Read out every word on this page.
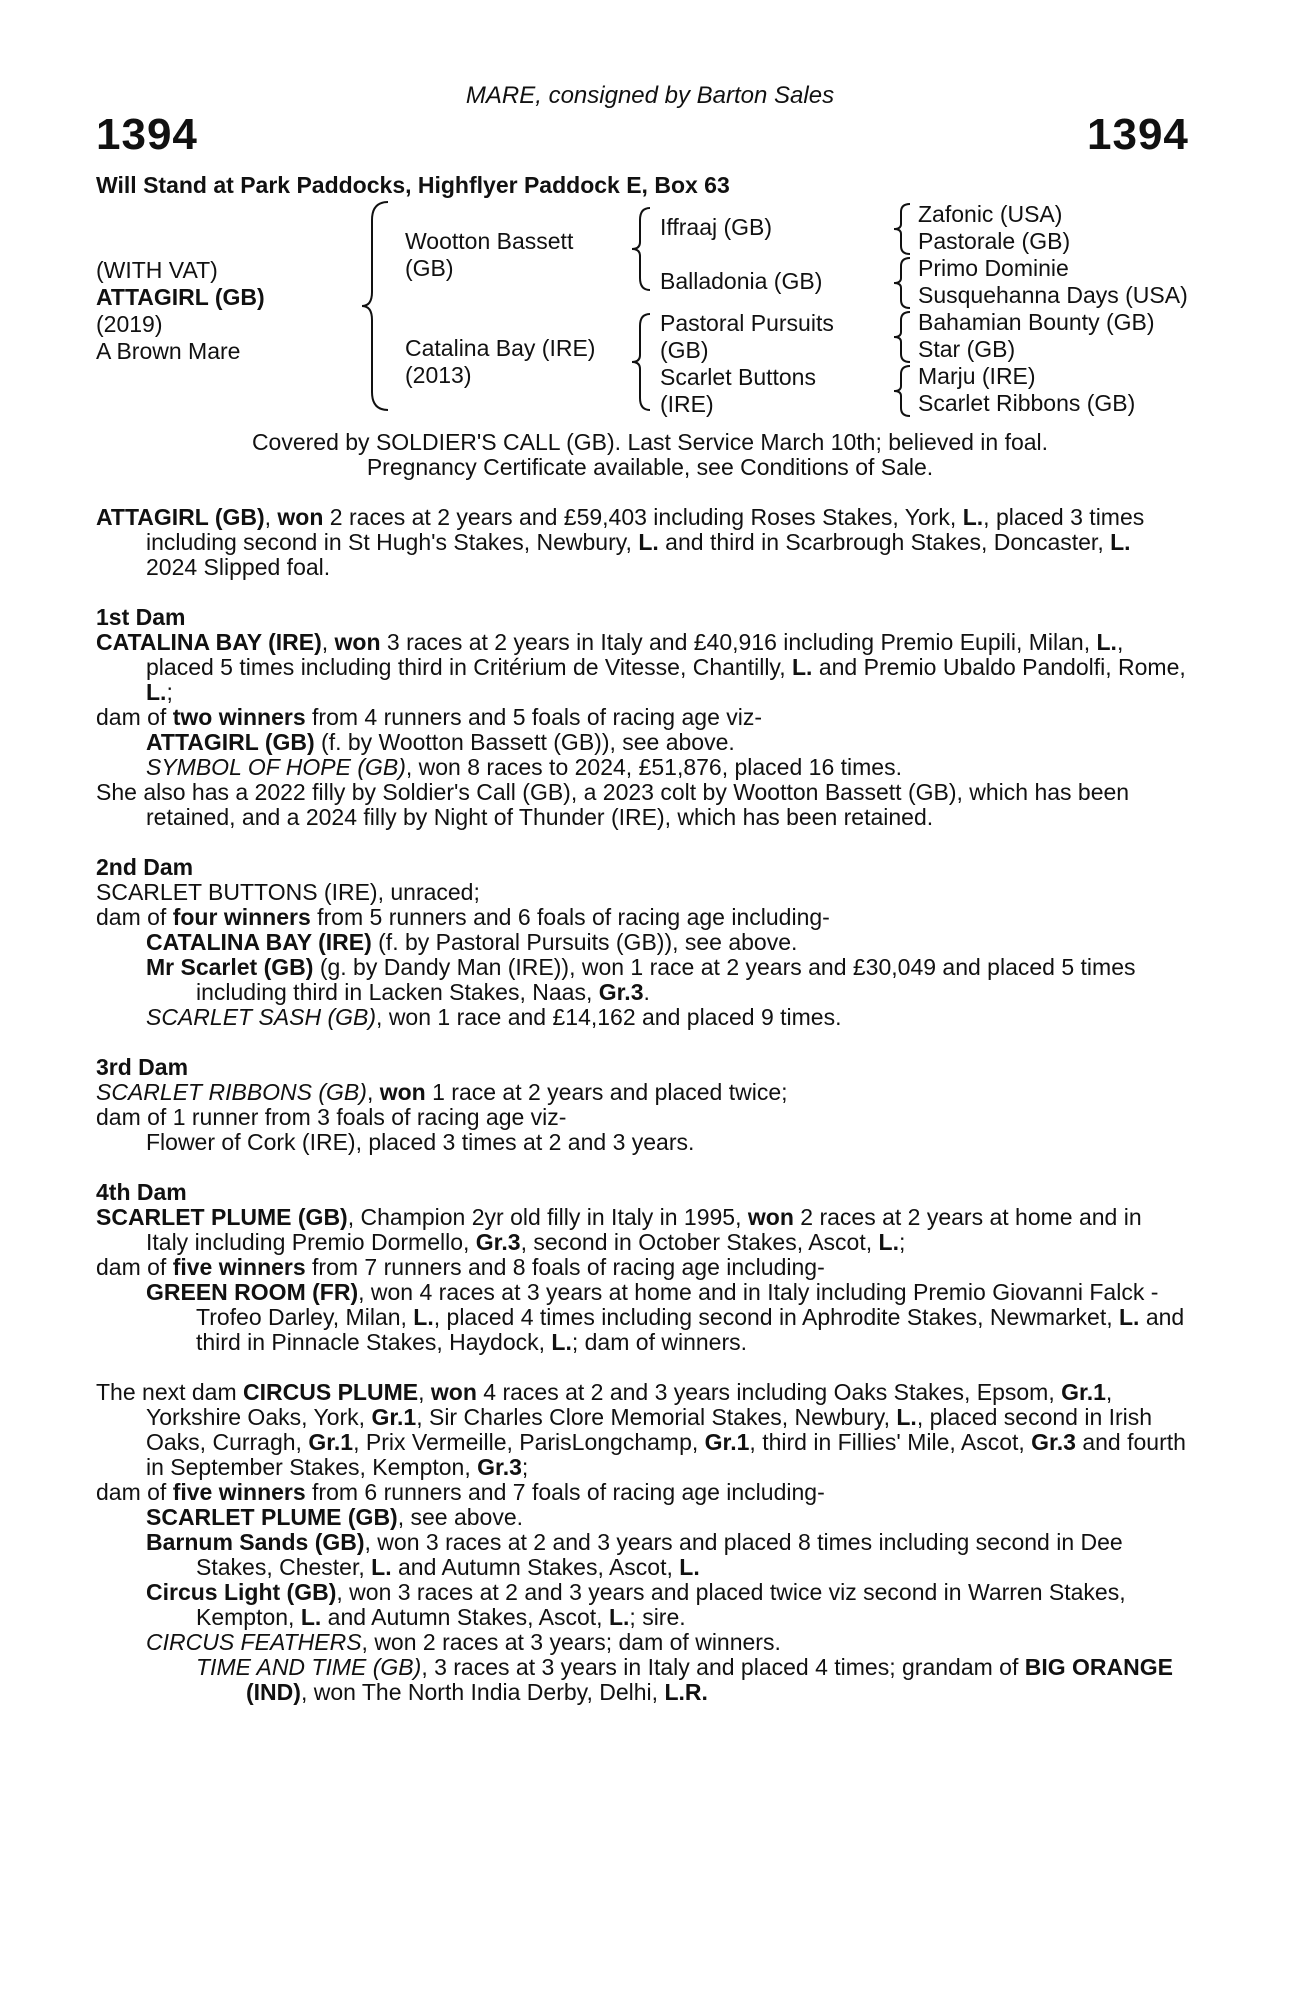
MARE, consigned by Barton Sales
1394	1394
Will Stand at Park Paddocks, Highflyer Paddock E, Box 63
(WITH VAT)
ATTAGIRL (GB)
(2019)
A Brown Mare
Wootton Bassett
(GB)
Catalina Bay (IRE)
(2013)
Iffraaj (GB)
Balladonia (GB)
Pastoral Pursuits
(GB)
Scarlet Buttons
(IRE)
Zafonic (USA)
Pastorale (GB)
Primo Dominie
Susquehanna Days (USA)
Bahamian Bounty (GB)
Star (GB)
Marju (IRE)
Scarlet Ribbons (GB)
Covered by SOLDIER'S CALL (GB). Last Service March 10th; believed in foal.
Pregnancy Certificate available, see Conditions of Sale.

ATTAGIRL (GB), won 2 races at 2 years and £59,403 including Roses Stakes, York, L., placed 3 times including second in St Hugh's Stakes, Newbury, L. and third in Scarbrough Stakes, Doncaster, L.

2024 Slipped foal.

1st Dam

CATALINA BAY (IRE), won 3 races at 2 years in Italy and £40,916 including Premio Eupili, Milan, L., placed 5 times including third in Critérium de Vitesse, Chantilly, L. and Premio Ubaldo Pandolfi, Rome, L.;

dam of two winners from 4 runners and 5 foals of racing age viz-

ATTAGIRL (GB) (f. by Wootton Bassett (GB)), see above.

SYMBOL OF HOPE (GB), won 8 races to 2024, £51,876, placed 16 times.

She also has a 2022 filly by Soldier's Call (GB), a 2023 colt by Wootton Bassett (GB), which has been retained, and a 2024 filly by Night of Thunder (IRE), which has been retained.

2nd Dam

SCARLET BUTTONS (IRE), unraced;

dam of four winners from 5 runners and 6 foals of racing age including-

CATALINA BAY (IRE) (f. by Pastoral Pursuits (GB)), see above.

Mr Scarlet (GB) (g. by Dandy Man (IRE)), won 1 race at 2 years and £30,049 and placed 5 times including third in Lacken Stakes, Naas, Gr.3.

SCARLET SASH (GB), won 1 race and £14,162 and placed 9 times.

3rd Dam

SCARLET RIBBONS (GB), won 1 race at 2 years and placed twice;

dam of 1 runner from 3 foals of racing age viz-

Flower of Cork (IRE), placed 3 times at 2 and 3 years.

4th Dam

SCARLET PLUME (GB), Champion 2yr old filly in Italy in 1995, won 2 races at 2 years at home and in Italy including Premio Dormello, Gr.3, second in October Stakes, Ascot, L.;

dam of five winners from 7 runners and 8 foals of racing age including-

GREEN ROOM (FR), won 4 races at 3 years at home and in Italy including Premio Giovanni Falck - Trofeo Darley, Milan, L., placed 4 times including second in Aphrodite Stakes, Newmarket, L. and third in Pinnacle Stakes, Haydock, L.; dam of winners.

The next dam CIRCUS PLUME, won 4 races at 2 and 3 years including Oaks Stakes, Epsom, Gr.1, Yorkshire Oaks, York, Gr.1, Sir Charles Clore Memorial Stakes, Newbury, L., placed second in Irish Oaks, Curragh, Gr.1, Prix Vermeille, ParisLongchamp, Gr.1, third in Fillies' Mile, Ascot, Gr.3 and fourth in September Stakes, Kempton, Gr.3;

dam of five winners from 6 runners and 7 foals of racing age including-

SCARLET PLUME (GB), see above.

Barnum Sands (GB), won 3 races at 2 and 3 years and placed 8 times including second in Dee Stakes, Chester, L. and Autumn Stakes, Ascot, L.

Circus Light (GB), won 3 races at 2 and 3 years and placed twice viz second in Warren Stakes, Kempton, L. and Autumn Stakes, Ascot, L.; sire.

CIRCUS FEATHERS, won 2 races at 3 years; dam of winners.

TIME AND TIME (GB), 3 races at 3 years in Italy and placed 4 times; grandam of BIG ORANGE (IND), won The North India Derby, Delhi, L.R.
